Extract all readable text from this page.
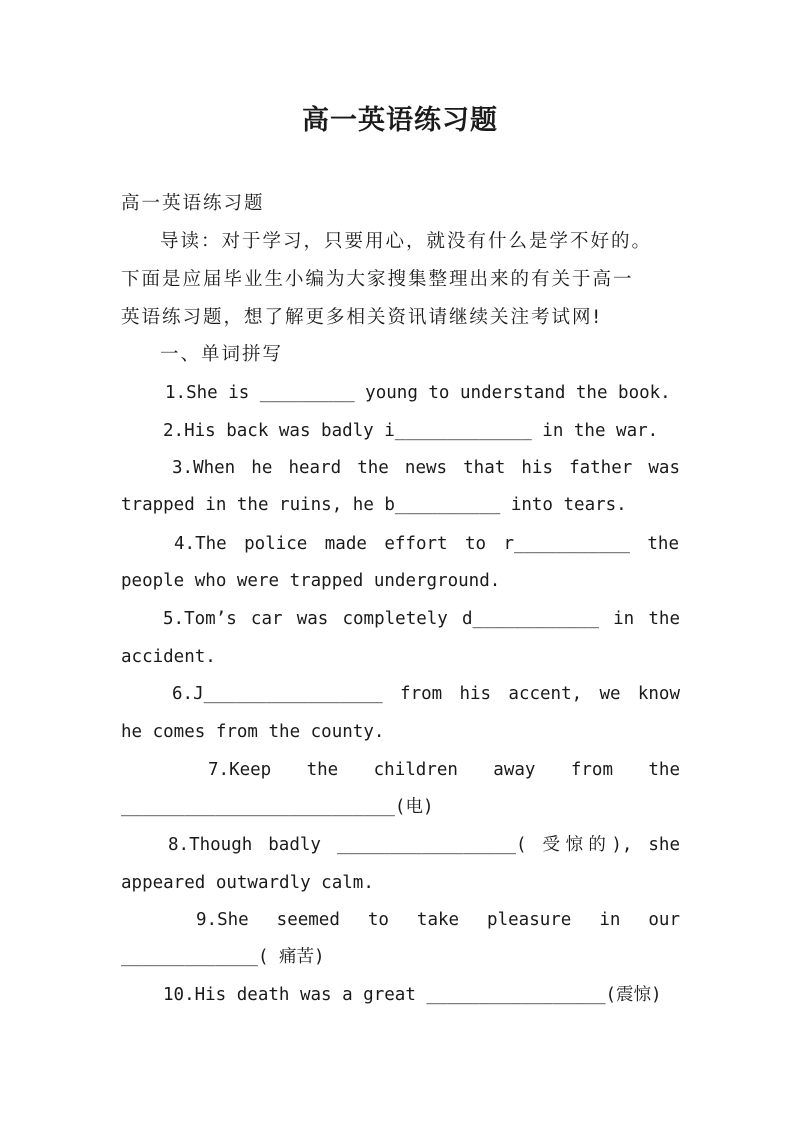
高一英语练习题
高一英语练习题
导读：对于学习，只要用心，就没有什么是学不好的。
下面是应届毕业生小编为大家搜集整理出来的有关于高一
英语练习题，想了解更多相关资讯请继续关注考试网!
一、单词拼写
1.She is _________ young to understand the book.
2.His back was badly i_____________ in the war.
3.When he heard the news that his father was
trapped in the ruins, he b__________ into tears.
4.The police made effort to r___________ the
people who were trapped underground.
5.Tom’s car was completely d____________ in the
accident.
6.J_________________ from his accent, we know
he comes from the county.
7.Keep the children away from the
__________________________(电)
8.Though badly _________________( 受惊的), she
appeared outwardly calm.
9.She seemed to take pleasure in our
_____________( 痛苦)
10.His death was a great _________________(震惊)
